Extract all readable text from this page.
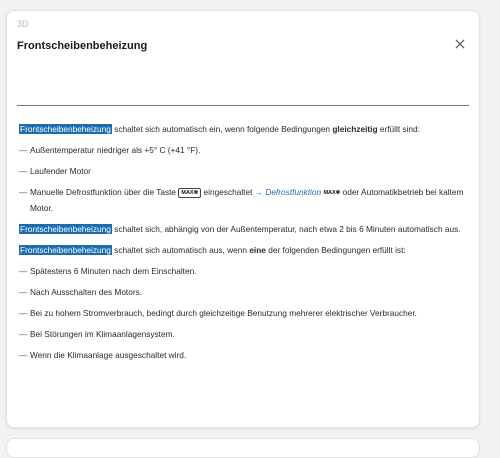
3D
Frontscheibenbeheizung

Frontscheibenbeheizung schaltet sich automatisch ein, wenn folgende Bedingungen gleichzeitig erfüllt sind:

— Außentemperatur niedriger als +5° C (+41 °F).
— Laufender Motor
— Manuelle Defrostfunktion über die Taste MAX❄ eingeschaltet → Defrostfunktion MAX❄ oder Automatikbetrieb bei kaltem Motor.

Frontscheibenbeheizung schaltet sich, abhängig von der Außentemperatur, nach etwa 2 bis 6 Minuten automatisch aus.

Frontscheibenbeheizung schaltet sich automatisch aus, wenn eine der folgenden Bedingungen erfüllt ist:

— Spätestens 6 Minuten nach dem Einschalten.
— Nach Ausschalten des Motors.
— Bei zu hohem Stromverbrauch, bedingt durch gleichzeitige Benutzung mehrerer elektrischer Verbraucher.
— Bei Störungen im Klimaanlagensystem.
— Wenn die Klimaanlage ausgeschaltet wird.
